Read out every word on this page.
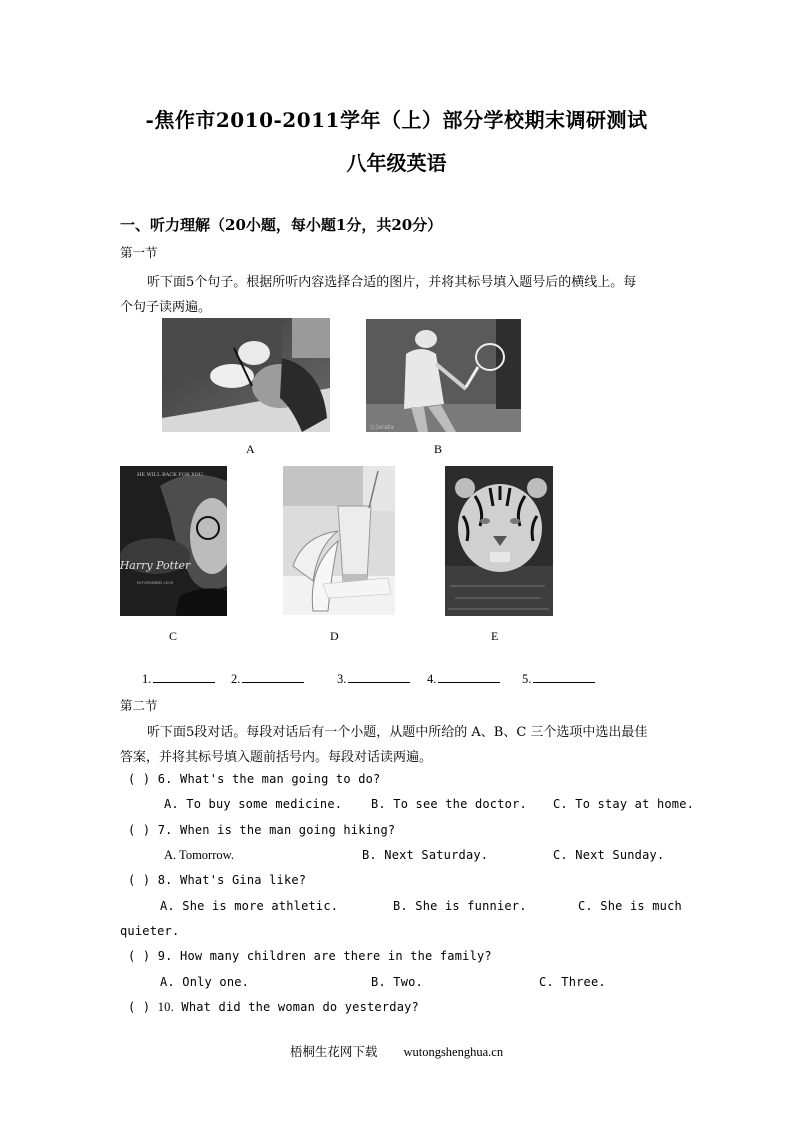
-焦作市2010-2011学年（上）部分学校期末调研测试
八年级英语
一、听力理解（20小题，每小题1分，共20分）
第一节
听下面5个句子。根据所听内容选择合适的图片，并将其标号填入题号后的横线上。每
个句子读两遍。
A
(c)arata
B
HE WILL BACK FOR YOU
Harry Potter
NOVEMBER 2005
C	D	E
1.	2.	3.	4.	5.
第二节
听下面5段对话。每段对话后有一个小题，从题中所给的 A、B、C 三个选项中选出最佳
答案，并将其标号填入题前括号内。每段对话读两遍。
( ) 6. What's the man going to do?
A. To buy some medicine. B. To see the doctor. C. To stay at home.
( ) 7. When is the man going hiking?
A. Tomorrow.	B. Next Saturday.	C. Next Sunday.
( ) 8. What's Gina like?
A. She is more athletic.	B. She is funnier.	C. She is much
quieter.
( ) 9. How many children are there in the family?
A. Only one.	B. Two.	C. Three.
( ) 10. What did the woman do yesterday?
梧桐生花网下载 wutongshenghua.cn
